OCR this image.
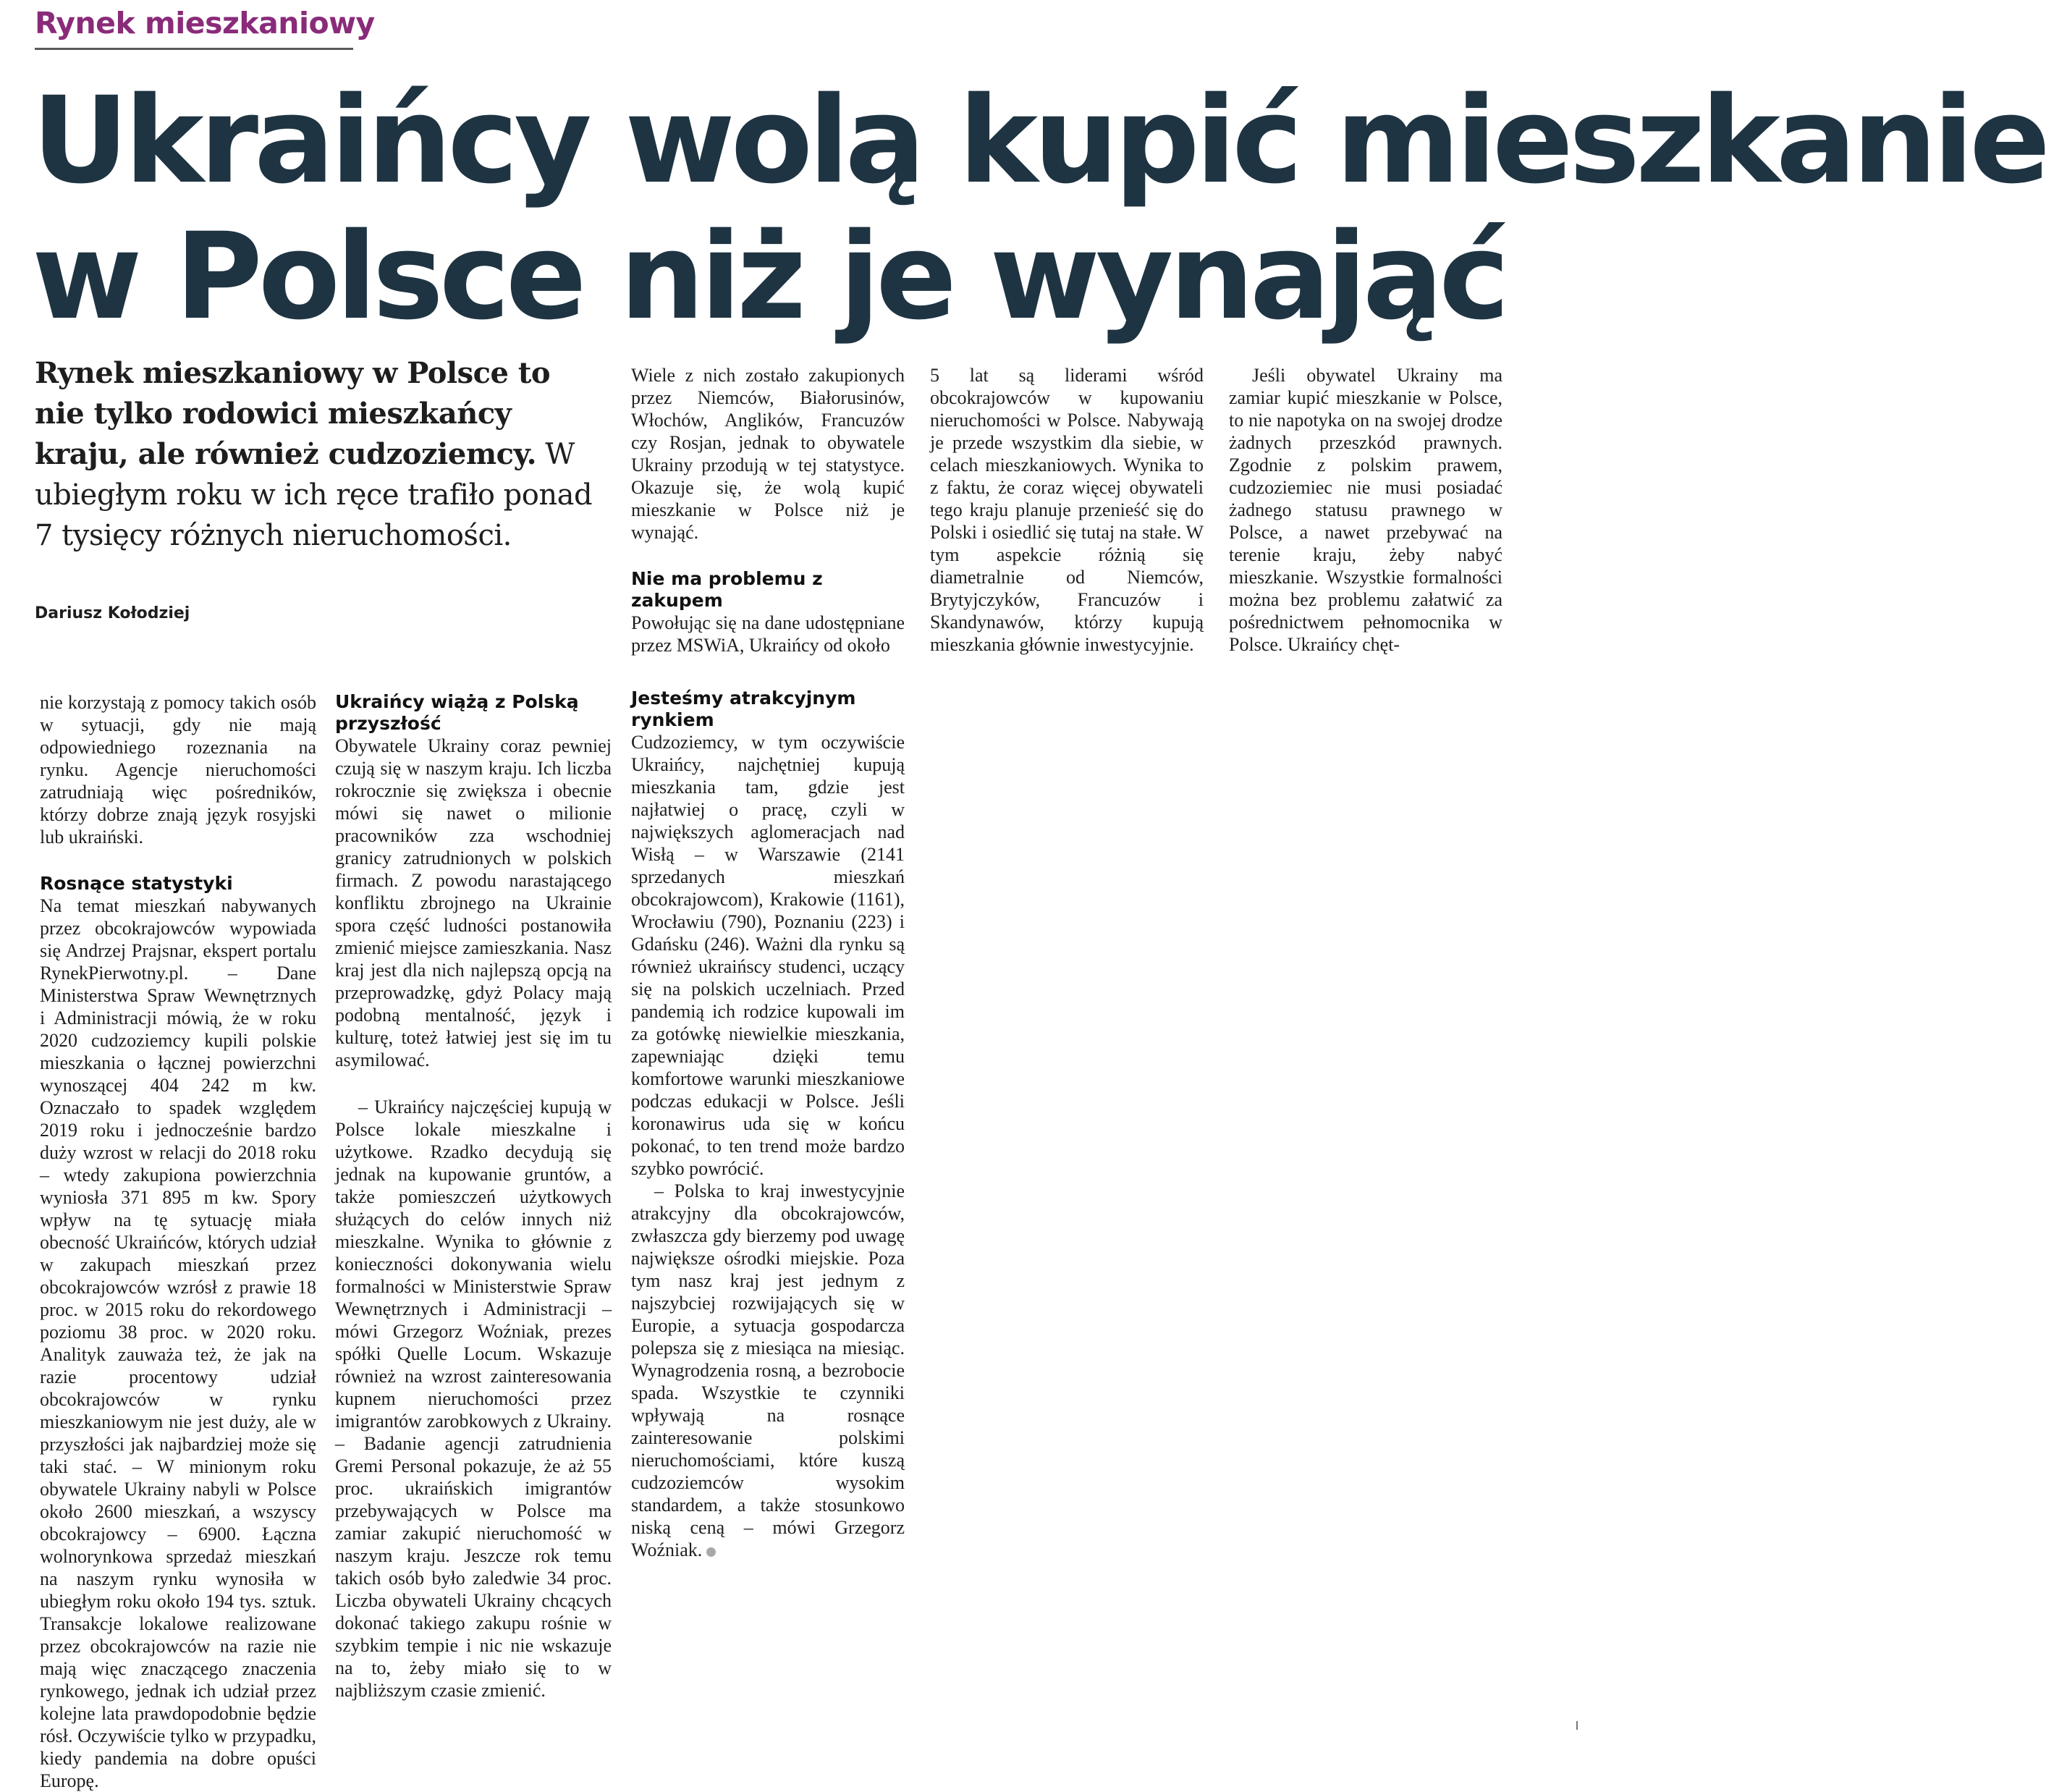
Rynek mieszkaniowy
Ukraińcy wolą kupić mieszkanie
w Polsce niż je wynająć
Rynek mieszkaniowy w Polsce to nie tylko rodowici mieszkańcy kraju, ale również cudzoziemcy. W ubiegłym roku w ich ręce trafiło ponad 7 tysięcy różnych nieruchomości.
Dariusz Kołodziej

Wiele z nich zostało zakupionych przez Niemców, Białorusinów, Włochów, Anglików, Francuzów czy Rosjan, jednak to obywatele Ukrainy przodują w tej statystyce. Okazuje się, że wolą kupić mieszkanie w Polsce niż je wynająć.

Nie ma problemu z zakupem

Powołując się na dane udostępniane przez MSWiA, Ukraińcy od około

5 lat są liderami wśród obcokrajowców w kupowaniu nieruchomości w Polsce. Nabywają je przede wszystkim dla siebie, w celach mieszkaniowych. Wynika to z faktu, że coraz więcej obywateli tego kraju planuje przenieść się do Polski i osiedlić się tutaj na stałe. W tym aspekcie różnią się diametralnie od Niemców, Brytyjczyków, Francuzów i Skandynawów, którzy kupują mieszkania głównie inwestycyjnie.

Jeśli obywatel Ukrainy ma zamiar kupić mieszkanie w Polsce, to nie napotyka on na swojej drodze żadnych przeszkód prawnych. Zgodnie z polskim prawem, cudzoziemiec nie musi posiadać żadnego statusu prawnego w Polsce, a nawet przebywać na terenie kraju, żeby nabyć mieszkanie. Wszystkie formalności można bez problemu załatwić za pośrednictwem pełnomocnika w Polsce. Ukraińcy chęt-

nie korzystają z pomocy takich osób w sytuacji, gdy nie mają odpowiedniego rozeznania na rynku. Agencje nieruchomości zatrudniają więc pośredników, którzy dobrze znają język rosyjski lub ukraiński.

Rosnące statystyki

Na temat mieszkań nabywanych przez obcokrajowców wypowiada się Andrzej Prajsnar, ekspert portalu RynekPierwotny.pl. – Dane Ministerstwa Spraw Wewnętrznych i Administracji mówią, że w roku 2020 cudzoziemcy kupili polskie mieszkania o łącznej powierzchni wynoszącej 404 242 m kw. Oznaczało to spadek względem 2019 roku i jednocześnie bardzo duży wzrost w relacji do 2018 roku – wtedy zakupiona powierzchnia wyniosła 371 895 m kw. Spory wpływ na tę sytuację miała obecność Ukraińców, których udział w zakupach mieszkań przez obcokrajowców wzrósł z prawie 18 proc. w 2015 roku do rekordowego poziomu 38 proc. w 2020 roku. Analityk zauważa też, że jak na razie procentowy udział obcokrajowców w rynku mieszkaniowym nie jest duży, ale w przyszłości jak najbardziej może się taki stać. – W minionym roku obywatele Ukrainy nabyli w Polsce około 2600 mieszkań, a wszyscy obcokrajowcy – 6900. Łączna wolnorynkowa sprzedaż mieszkań na naszym rynku wynosiła w ubiegłym roku około 194 tys. sztuk. Transakcje lokalowe realizowane przez obcokrajowców na razie nie mają więc znaczącego znaczenia rynkowego, jednak ich udział przez kolejne lata prawdopodobnie będzie rósł. Oczywiście tylko w przypadku, kiedy pandemia na dobre opuści Europę.

Ukraińcy wiążą z Polską przyszłość

Obywatele Ukrainy coraz pewniej czują się w naszym kraju. Ich liczba rokrocznie się zwiększa i obecnie mówi się nawet o milionie pracowników zza wschodniej granicy zatrudnionych w polskich firmach. Z powodu narastającego konfliktu zbrojnego na Ukrainie spora część ludności postanowiła zmienić miejsce zamieszkania. Nasz kraj jest dla nich najlepszą opcją na przeprowadzkę, gdyż Polacy mają podobną mentalność, język i kulturę, toteż łatwiej jest się im tu asymilować.

– Ukraińcy najczęściej kupują w Polsce lokale mieszkalne i użytkowe. Rzadko decydują się jednak na kupowanie gruntów, a także pomieszczeń użytkowych służących do celów innych niż mieszkalne. Wynika to głównie z konieczności dokonywania wielu formalności w Ministerstwie Spraw Wewnętrznych i Administracji – mówi Grzegorz Woźniak, prezes spółki Quelle Locum. Wskazuje również na wzrost zainteresowania kupnem nieruchomości przez imigrantów zarobkowych z Ukrainy. – Badanie agencji zatrudnienia Gremi Personal pokazuje, że aż 55 proc. ukraińskich imigrantów przebywających w Polsce ma zamiar zakupić nieruchomość w naszym kraju. Jeszcze rok temu takich osób było zaledwie 34 proc. Liczba obywateli Ukrainy chcących dokonać takiego zakupu rośnie w szybkim tempie i nic nie wskazuje na to, żeby miało się to w najbliższym czasie zmienić.

Jesteśmy atrakcyjnym rynkiem

Cudzoziemcy, w tym oczywiście Ukraińcy, najchętniej kupują mieszkania tam, gdzie jest najłatwiej o pracę, czyli w największych aglomeracjach nad Wisłą – w Warszawie (2141 sprzedanych mieszkań obcokrajowcom), Krakowie (1161), Wrocławiu (790), Poznaniu (223) i Gdańsku (246). Ważni dla rynku są również ukraińscy studenci, uczący się na polskich uczelniach. Przed pandemią ich rodzice kupowali im za gotówkę niewielkie mieszkania, zapewniając dzięki temu komfortowe warunki mieszkaniowe podczas edukacji w Polsce. Jeśli koronawirus uda się w końcu pokonać, to ten trend może bardzo szybko powrócić.

– Polska to kraj inwestycyjnie atrakcyjny dla obcokrajowców, zwłaszcza gdy bierzemy pod uwagę największe ośrodki miejskie. Poza tym nasz kraj jest jednym z najszybciej rozwijających się w Europie, a sytuacja gospodarcza polepsza się z miesiąca na miesiąc. Wynagrodzenia rosną, a bezrobocie spada. Wszystkie te czynniki wpływają na rosnące zainteresowanie polskimi nieruchomościami, które kuszą cudzoziemców wysokim standardem, a także stosunkowo niską ceną – mówi Grzegorz Woźniak.
